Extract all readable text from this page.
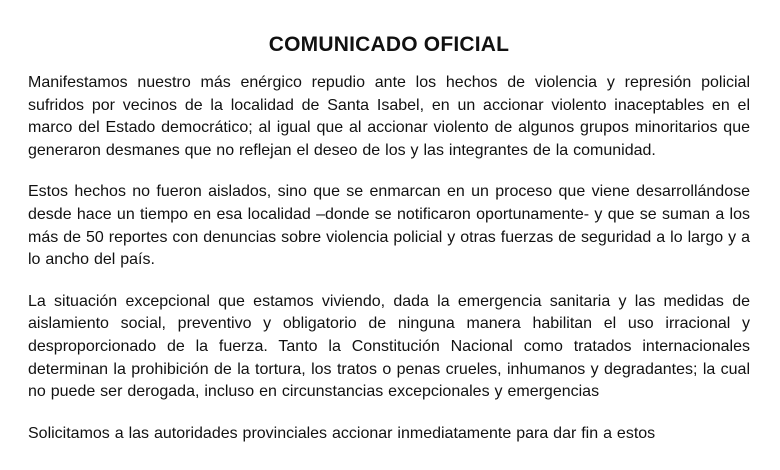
COMUNICADO OFICIAL

Manifestamos nuestro más enérgico repudio ante los hechos de violencia y represión policial sufridos por vecinos de la localidad de Santa Isabel, en un accionar violento inaceptables en el marco del Estado democrático; al igual que al accionar violento de algunos grupos minoritarios que generaron desmanes que no reflejan el deseo de los y las integrantes de la comunidad.

Estos hechos no fueron aislados, sino que se enmarcan en un proceso que viene desarrollándose desde hace un tiempo en esa localidad –donde se notificaron oportunamente- y que se suman a los más de 50 reportes con denuncias sobre violencia policial y otras fuerzas de seguridad a lo largo y a lo ancho del país.

La situación excepcional que estamos viviendo, dada la emergencia sanitaria y las medidas de aislamiento social, preventivo y obligatorio de ninguna manera habilitan el uso irracional y desproporcionado de la fuerza. Tanto la Constitución Nacional como tratados internacionales determinan la prohibición de la tortura, los tratos o penas crueles, inhumanos y degradantes; la cual no puede ser derogada, incluso en circunstancias excepcionales y emergencias

Solicitamos a las autoridades provinciales accionar inmediatamente para dar fin a estos
